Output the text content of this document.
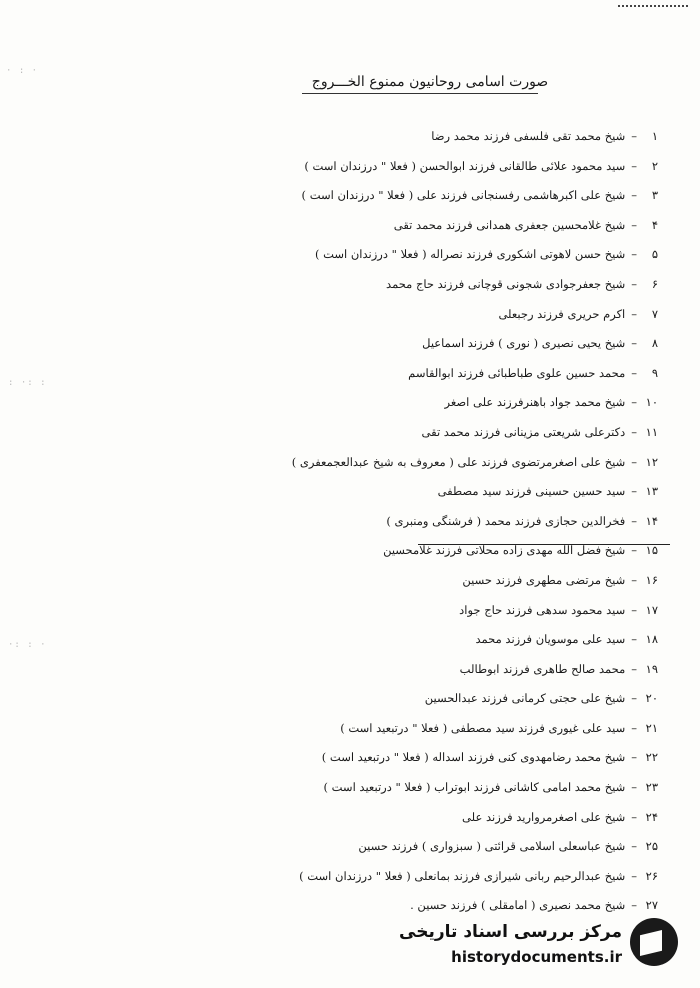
· : ·
: ·: :
·: : ·
صورت اسامی روحانیون ممنوع الخـــروج
۱–شیخ محمد تقی فلسفی فرزند محمد رضا
۲–سید محمود علائی طالقانی فرزند ابوالحسن ( فعلا " درزندان است )
۳–شیخ علی اکبرهاشمی رفسنجانی فرزند علی ( فعلا " درزندان است )
۴–شیخ غلامحسین جعفری همدانی فرزند محمد تقی
۵–شیخ حسن لاهوتی اشکوری فرزند نصراله ( فعلا " درزندان است )
۶–شیخ جعفرجوادی شجونی قوچانی فرزند حاج محمد
۷–اکرم حریری فرزند رجبعلی
۸–شیخ یحیی نصیری ( نوری ) فرزند اسماعیل
۹–محمد حسین علوی طباطبائی فرزند ابوالقاسم
۱۰–شیخ محمد جواد باهنرفرزند علی اصغر
۱۱–دکترعلی شریعتی مزینانی فرزند محمد تقی
۱۲–شیخ علی اصغرمرتضوی فرزند علی ( معروف به شیخ عبدالعجمعفری )
۱۳–سید حسین حسینی فرزند سید مصطفی
۱۴–فخرالدین حجازی فرزند محمد ( فرشنگی ومنبری )
۱۵–شیخ فضل الله مهدی زاده محلاتی فرزند غلامحسین
۱۶–شیخ مرتضی مطهری فرزند حسین
۱۷–سید محمود سدهی فرزند حاج جواد
۱۸–سید علی موسویان فرزند محمد
۱۹–محمد صالح طاهری فرزند ابوطالب
۲۰–شیخ علی حجتی کرمانی فرزند عبدالحسین
۲۱–سید علی غیوری فرزند سید مصطفی ( فعلا " درتبعید است )
۲۲–شیخ محمد رضامهدوی کنی فرزند اسداله ( فعلا " درتبعید است )
۲۳–شیخ محمد امامی کاشانی فرزند ابوتراب ( فعلا " درتبعید است )
۲۴–شیخ علی اصغرمروارید فرزند علی
۲۵–شیخ عباسعلی اسلامی قرائتی ( سبزواری ) فرزند حسین
۲۶–شیخ عبدالرحیم ربانی شیرازی فرزند بمانعلی ( فعلا " درزندان است )
۲۷–شیخ محمد نصیری ( امامقلی ) فرزند حسین .
مرکز بررسی اسناد تاریخی
historydocuments.ir
